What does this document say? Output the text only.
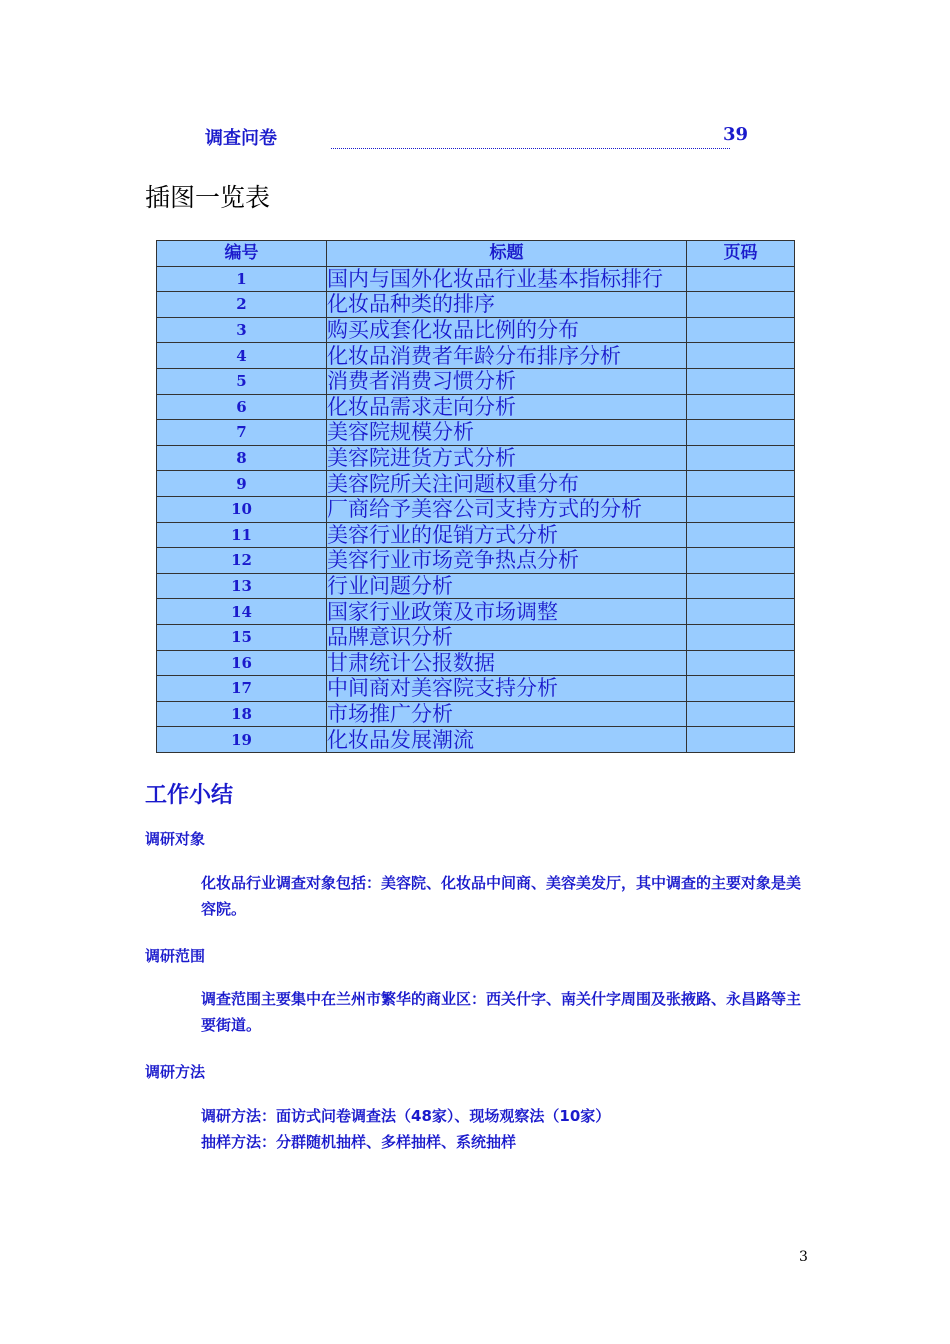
调查问卷	39
插图一览表
编号	标题	页码
1	国内与国外化妆品行业基本指标排行	
2	化妆品种类的排序	
3	购买成套化妆品比例的分布	
4	化妆品消费者年龄分布排序分析	
5	消费者消费习惯分析	
6	化妆品需求走向分析	
7	美容院规模分析	
8	美容院进货方式分析	
9	美容院所关注问题权重分布	
10	厂商给予美容公司支持方式的分析	
11	美容行业的促销方式分析	
12	美容行业市场竞争热点分析	
13	行业问题分析	
14	国家行业政策及市场调整	
15	品牌意识分析	
16	甘肃统计公报数据	
17	中间商对美容院支持分析	
18	市场推广分析	
19	化妆品发展潮流	
工作小结
调研对象
化妆品行业调查对象包括：美容院、化妆品中间商、美容美发厅，其中调查的主要对象是美容院。
调研范围
调查范围主要集中在兰州市繁华的商业区：西关什字、南关什字周围及张掖路、永昌路等主要街道。
调研方法
调研方法：面访式问卷调查法（48家）、现场观察法（10家）
抽样方法：分群随机抽样、多样抽样、系统抽样
3
